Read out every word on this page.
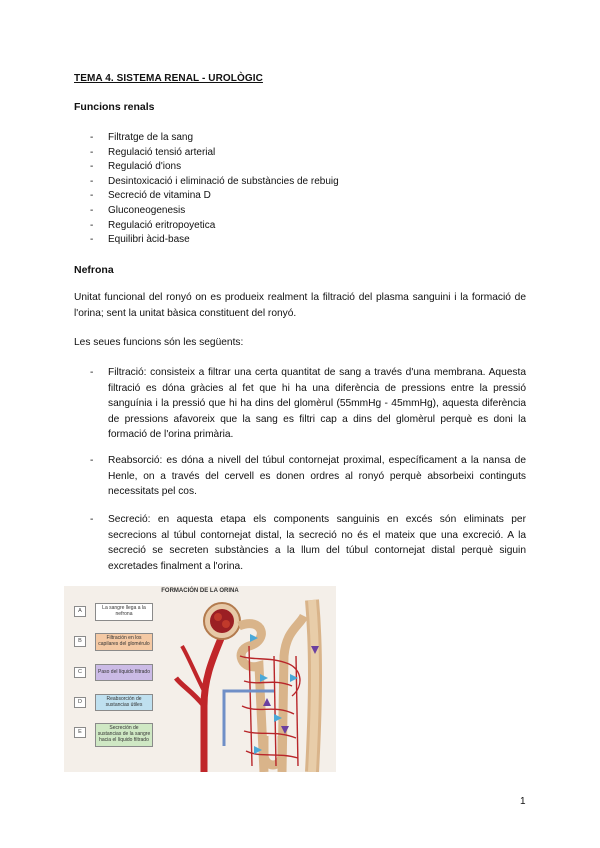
TEMA 4. SISTEMA RENAL - UROLÒGIC
Funcions renals
- Filtratge de la sang
- Regulació tensió arterial
- Regulació d'ions
- Desintoxicació i eliminació de substàncies de rebuig
- Secreció de vitamina D
- Gluconeogenesis
- Regulació eritropoyetica
- Equilibri àcid-base
Nefrona

Unitat funcional del ronyó on es produeix realment la filtració del plasma sanguini i la formació de l'orina; sent la unitat bàsica constituent del ronyó.

Les seues funcions són les següents:

- Filtració: consisteix a filtrar una certa quantitat de sang a través d'una membrana. Aquesta filtració es dóna gràcies al fet que hi ha una diferència de pressions entre la pressió sanguínia i la pressió que hi ha dins del glomèrul (55mmHg - 45mmHg), aquesta diferència de pressions afavoreix que la sang es filtri cap a dins del glomèrul perquè es doni la formació de l'orina primària.

- Reabsorció: es dóna a nivell del túbul contornejat proximal, específicament a la nansa de Henle, on a través del cervell es donen ordres al ronyó perquè absorbeixi continguts necessitats pel cos.

- Secreció: en aquesta etapa els components sanguinis en excés són eliminats per secrecions al túbul contornejat distal, la secreció no és el mateix que una excreció. A la secreció se secreten substàncies a la llum del túbul contornejat distal perquè siguin excretades finalment a l'orina.

FORMACIÓN DE LA ORINA
A	La sangre llega a la nefrona
B	Filtración en los capilares del glomérulo
C	Paso del líquido filtrado
D
Reabsorción de sustancias útiles
E
Secreción de sustancias de la sangre hacia el líquido filtrado
1
